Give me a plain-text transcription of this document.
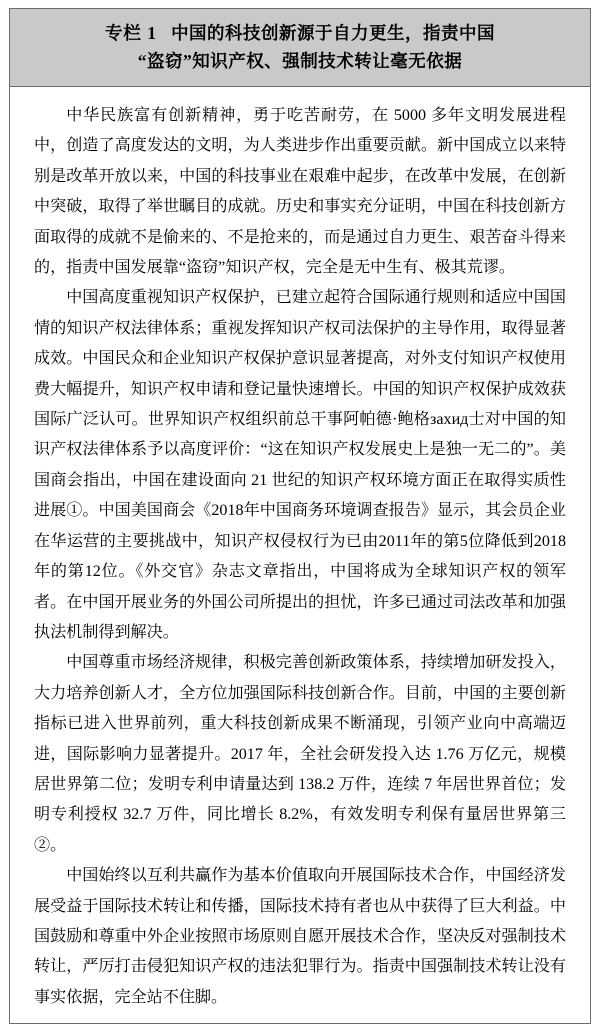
专栏 1 中国的科技创新源于自力更生，指责中国
“盗窃”知识产权、强制技术转让毫无依据

中华民族富有创新精神，勇于吃苦耐劳，在 5000 多年文明发展进程中，创造了高度发达的文明，为人类进步作出重要贡献。新中国成立以来特别是改革开放以来，中国的科技事业在艰难中起步，在改革中发展，在创新中突破，取得了举世瞩目的成就。历史和事实充分证明，中国在科技创新方面取得的成就不是偷来的、不是抢来的，而是通过自力更生、艰苦奋斗得来的，指责中国发展靠“盗窃”知识产权，完全是无中生有、极其荒谬。

中国高度重视知识产权保护，已建立起符合国际通行规则和适应中国国情的知识产权法律体系；重视发挥知识产权司法保护的主导作用，取得显著成效。中国民众和企业知识产权保护意识显著提高，对外支付知识产权使用费大幅提升，知识产权申请和登记量快速增长。中国的知识产权保护成效获国际广泛认可。世界知识产权组织前总干事阿帕德·鲍格захид士对中国的知识产权法律体系予以高度评价：“这在知识产权发展史上是独一无二的”。美国商会指出，中国在建设面向 21 世纪的知识产权环境方面正在取得实质性进展①。中国美国商会《2018年中国商务环境调查报告》显示，其会员企业在华运营的主要挑战中，知识产权侵权行为已由2011年的第5位降低到2018年的第12位。《外交官》杂志文章指出，中国将成为全球知识产权的领军者。在中国开展业务的外国公司所提出的担忧，许多已通过司法改革和加强执法机制得到解决。

中国尊重市场经济规律，积极完善创新政策体系，持续增加研发投入，大力培养创新人才，全方位加强国际科技创新合作。目前，中国的主要创新指标已进入世界前列，重大科技创新成果不断涌现，引领产业向中高端迈进，国际影响力显著提升。2017 年，全社会研发投入达 1.76 万亿元，规模居世界第二位；发明专利申请量达到 138.2 万件，连续 7 年居世界首位；发明专利授权 32.7 万件，同比增长 8.2%，有效发明专利保有量居世界第三②。

中国始终以互利共赢作为基本价值取向开展国际技术合作，中国经济发展受益于国际技术转让和传播，国际技术持有者也从中获得了巨大利益。中国鼓励和尊重中外企业按照市场原则自愿开展技术合作，坚决反对强制技术转让，严厉打击侵犯知识产权的违法犯罪行为。指责中国强制技术转让没有事实依据，完全站不住脚。
